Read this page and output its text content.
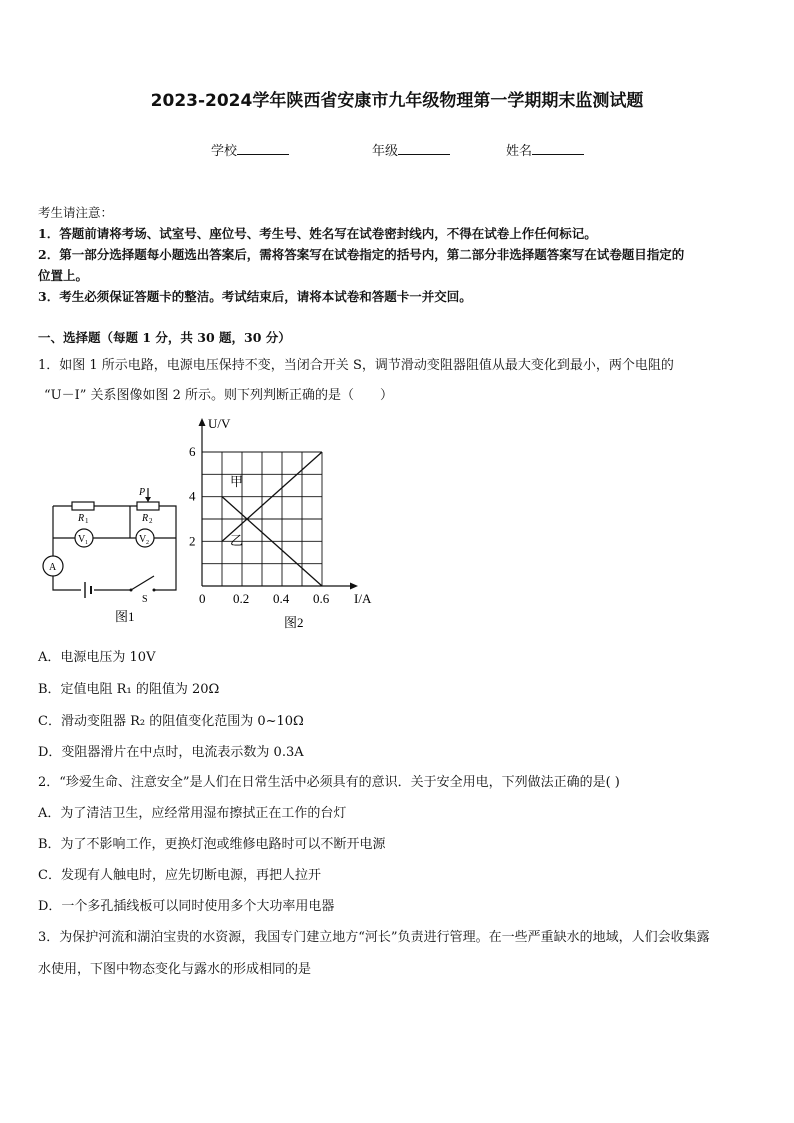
2023-2024学年陕西省安康市九年级物理第一学期期末监测试题
学校	年级	姓名
考生请注意：
1．答题前请将考场、试室号、座位号、考生号、姓名写在试卷密封线内，不得在试卷上作任何标记。
2．第一部分选择题每小题选出答案后，需将答案写在试卷指定的括号内，第二部分非选择题答案写在试卷题目指定的
位置上。
3．考生必须保证答题卡的整洁。考试结束后，请将本试卷和答题卡一并交回。
一、选择题（每题 1 分，共 30 题，30 分）
1．如图 1 所示电路，电源电压保持不变，当闭合开关 S，调节滑动变阻器阻值从最大变化到最小，两个电阻的
“U－I” 关系图像如图 2 所示。则下列判断正确的是（　　）
R 1	R 2
P
V 1	V 2
A
S
图1
2
4
6
0 0.2 0.4 0.6
U/V
I/A
甲
乙
图2
A．电源电压为 10V
B．定值电阻 R₁ 的阻值为 20Ω
C．滑动变阻器 R₂ 的阻值变化范围为 0~10Ω
D．变阻器滑片在中点时，电流表示数为 0.3A
2．“珍爱生命、注意安全”是人们在日常生活中必须具有的意识．关于安全用电，下列做法正确的是( )
A．为了清洁卫生，应经常用湿布擦拭正在工作的台灯
B．为了不影响工作，更换灯泡或维修电路时可以不断开电源
C．发现有人触电时，应先切断电源，再把人拉开
D．一个多孔插线板可以同时使用多个大功率用电器
3．为保护河流和湖泊宝贵的水资源，我国专门建立地方“河长”负责进行管理。在一些严重缺水的地域，人们会收集露
水使用，下图中物态变化与露水的形成相同的是
